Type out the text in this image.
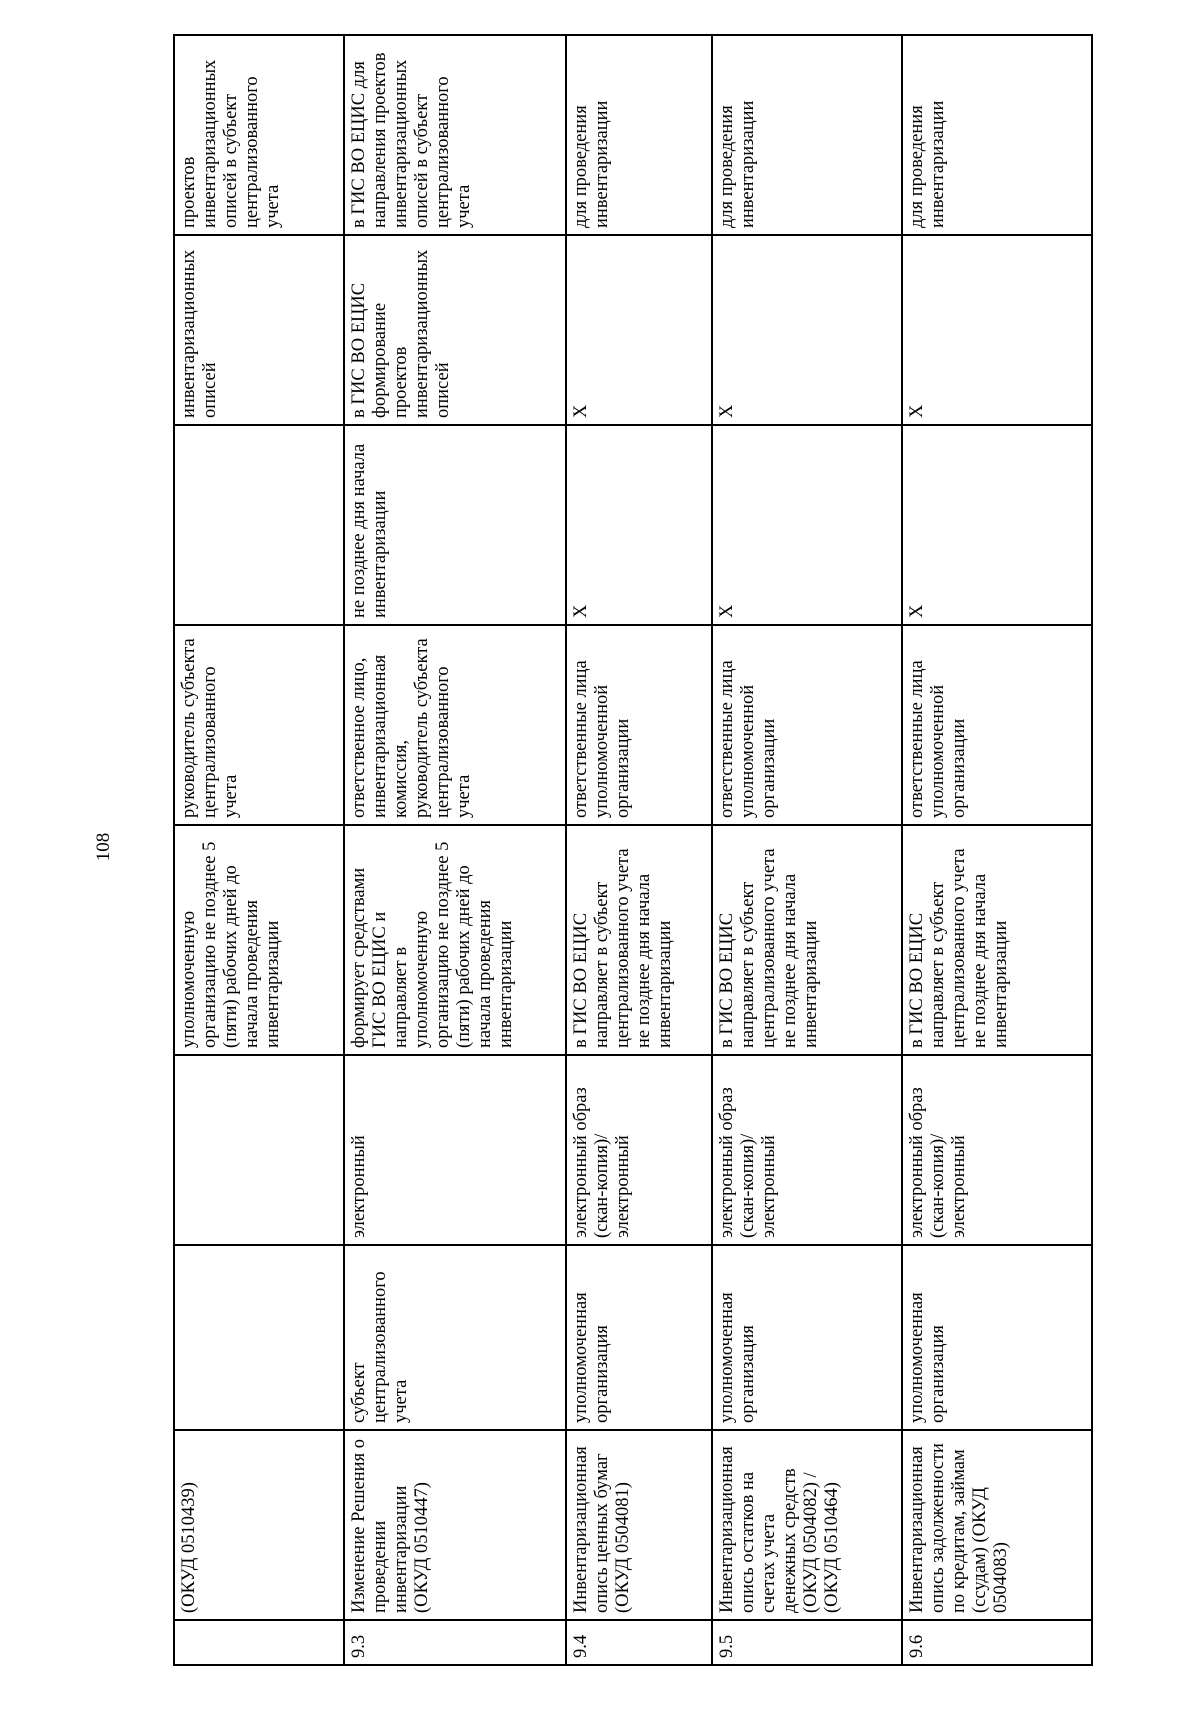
108
	(ОКУД 0510439)			уполномоченную организацию не позднее 5 (пяти) рабочих дней до начала проведения инвентаризации	руководитель субъекта централизованного учета		инвентаризационных описей	проектов инвентаризационных описей в субъект централизованного учета
9.3	Изменение Решения о проведении инвентаризации (ОКУД 0510447)	субъект централизованного учета	электронный	формирует средствами ГИС ВО ЕЦИС и направляет в уполномоченную организацию не позднее 5 (пяти) рабочих дней до начала проведения инвентаризации	ответственное лицо, инвентаризационная комиссия, руководитель субъекта централизованного учета	не позднее дня начала инвентаризации	в ГИС ВО ЕЦИС формирование проектов инвентаризационных описей	в ГИС ВО ЕЦИС для направления проектов инвентаризационных описей в субъект централизованного учета
9.4	Инвентаризационная опись ценных бумаг (ОКУД 0504081)	уполномоченная организация	электронный образ (скан-копия)/ электронный	в ГИС ВО ЕЦИС направляет в субъект централизованного учета не позднее дня начала инвентаризации	ответственные лица уполномоченной организации	Х	Х	для проведения инвентаризации
9.5	Инвентаризационная опись остатков на счетах учета денежных средств (ОКУД 0504082) / (ОКУД 0510464)	уполномоченная организация	электронный образ (скан-копия)/ электронный	в ГИС ВО ЕЦИС направляет в субъект централизованного учета не позднее дня начала инвентаризации	ответственные лица уполномоченной организации	Х	Х	для проведения инвентаризации
9.6	Инвентаризационная опись задолженности по кредитам, займам (ссудам) (ОКУД 0504083)	уполномоченная организация	электронный образ (скан-копия)/ электронный	в ГИС ВО ЕЦИС направляет в субъект централизованного учета не позднее дня начала инвентаризации	ответственные лица уполномоченной организации	Х	Х	для проведения инвентаризации
